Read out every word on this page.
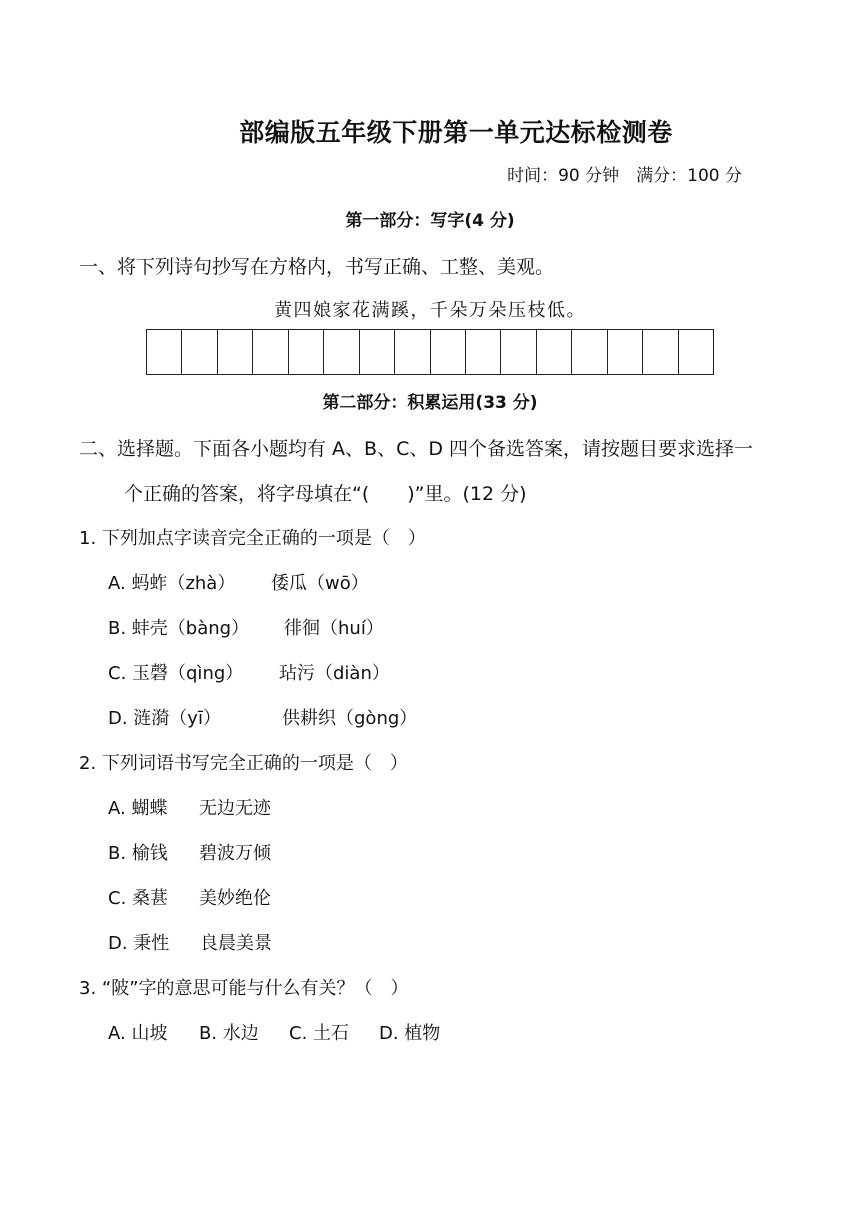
部编版五年级下册第一单元达标检测卷
时间：90 分钟　满分：100 分
第一部分：写字(4 分)
一、将下列诗句抄写在方格内，书写正确、工整、美观。
黄四娘家花满蹊，千朵万朵压枝低。
第二部分：积累运用(33 分)
二、选择题。下面各小题均有 A、B、C、D 四个备选答案，请按题目要求选择一
个正确的答案，将字母填在“(　　)”里。(12 分)
1. 下列加点字读音完全正确的一项是（　）
A. 蚂蚱（zhà） 倭瓜（wō）
B. 蚌壳（bàng） 徘徊（huí）
C. 玉磬（qìng） 玷污（diàn）
D. 涟漪（yī）	供耕织（gòng）
2. 下列词语书写完全正确的一项是（　）
A. 蝴蝶 无边无迹
B. 榆钱 碧波万倾
C. 桑葚 美妙绝伦
D. 秉性 良晨美景
3. “陂”字的意思可能与什么有关？（　）
A. 山坡 B. 水边 C. 土石 D. 植物
